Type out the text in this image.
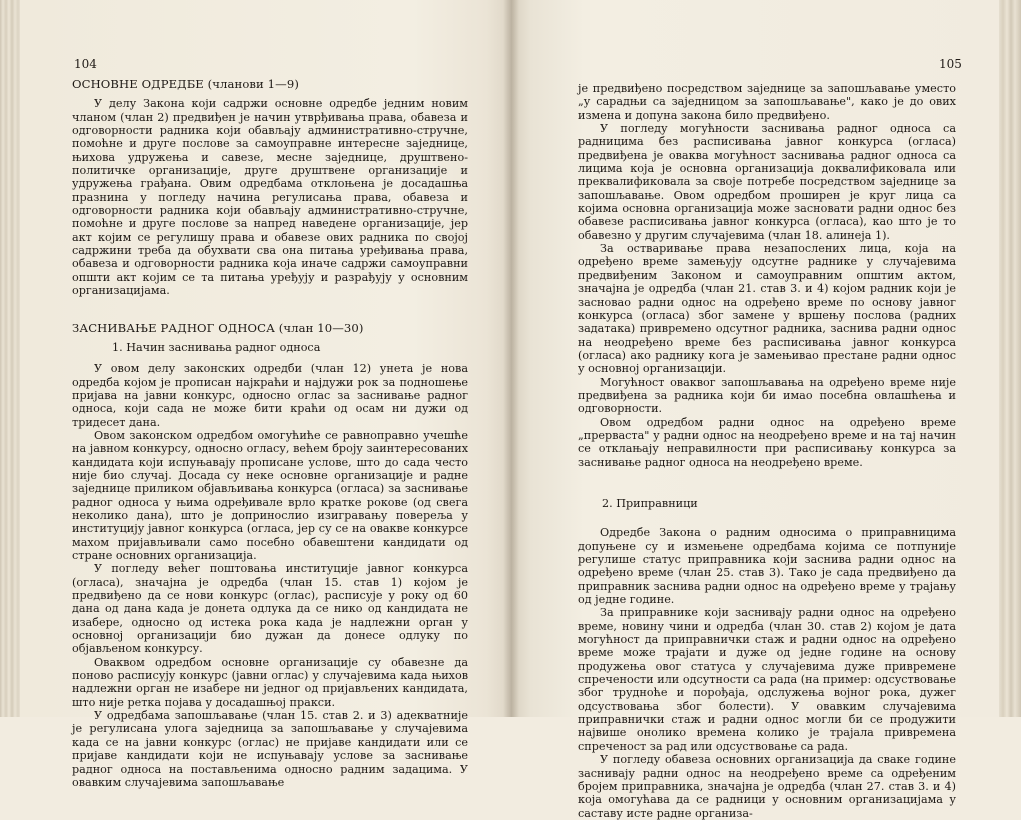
104
ОСНОВНЕ ОДРЕДБЕ (чланови 1—9)

У делу Закона који садржи основне одредбе једним новим чланом (члан 2) предвиђен је начин утврђивања права, обавеза и одговорности радника који обављају административно-стручне, помоћне и друге послове за самоуправне интересне заједнице, њихова удружења и савезе, месне заједнице, друштвено-политичке организације, друге друштвене организације и удружења грађана. Овим одредбама отклоњена је досадашња празнина у погледу начина регулисања права, обавеза и одговорности радника који обављају административно-стручне, помоћне и друге послове за напред наведене организације, јер акт којим се регулишу права и обавезе ових радника по својој садржини треба да обухвати сва она питања уређивања права, обавеза и одговорности радника која иначе садржи самоуправни општи акт којим се та питања уређују и разрађују у основним организацијама.

ЗАСНИВАЊЕ РАДНОГ ОДНОСА (члан 10—30)
1. Начин заснивања радног односа

У овом делу законских одредби (члан 12) унета је нова одредба којом је прописан најкраћи и најдужи рок за подношење пријава на јавни конкурс, односно оглас за заснивање радног односа, који сада не може бити краћи од осам ни дужи од тридесет дана.

Овом законском одредбом омогућиће се равноправно учешће на јавном конкурсу, односно огласу, већем броју заинтересованих кандидата који испуњавају прописане услове, што до сада често није био случај. Досада су неке основне организације и радне заједнице приликом објављивања конкурса (огласа) за заснивање радног односа у њима одређивале врло кратке рокове (од свега неколико дана), што је допринослио изигравању повереља у институцију јавног конкурса (огласа, јер су се на овакве конкурсе махом пријављивали само посебно обавештени кандидати од стране основних организација.

У погледу већег поштовања институције јавног конкурса (огласа), значајна је одредба (члан 15. став 1) којом је предвиђено да се нови конкурс (оглас), расписује у року од 60 дана од дана када је донета одлука да се нико од кандидата не изабере, односно од истека рока када је надлежни орган у основној организацији био дужан да донесе одлуку по објављеном конкурсу.

Оваквом одредбом основне организације су обавезне да поново расписују конкурс (јавни оглас) у случајевима када њихов надлежни орган не изабере ни једног од пријављених кандидата, што није ретка појава у досадашњој пракси.

У одредбама запошљавање (члан 15. став 2. и 3) адекватније је регулисана улога заједница за запошљавање у случајевима када се на јавни конкурс (оглас) не пријаве кандидати или се пријаве кандидати који не испуњавају услове за заснивање радног односа на постављенима односно радним задацима. У овавким случајевима запошљавање

105

је предвиђено посредством заједнице за запошљавање уместо „у сарадњи са заједницом за запошљавање", како је до ових измена и допуна закона било предвиђено.

У погледу могућности заснивања радног односа са радницима без расписивања јавног конкурса (огласа) предвиђена је оваква могућност заснивања радног односа са лицима која је основна организација доквалификовала или преквалификовала за своје потребе посредством заједнице за запошљавање. Овом одредбом проширен је круг лица са којима основна организација може засновати радни однос без обавезе расписивања јавног конкурса (огласа), као што је то обавезно у другим случајевима (члан 18. алинеја 1).

За остваривање права незапослених лица, која на одређено време замењују одсутне раднике у случајевима предвиђеним Законом и самоуправним општим актом, значајна је одредба (члан 21. став 3. и 4) којом радник који је засновао радни однос на одређено време по основу јавног конкурса (огласа) због замене у вршењу послова (радних задатака) привремено одсутног радника, заснива радни однос на неодређено време без расписивања јавног конкурса (огласа) ако раднику кога је замењивао престане радни однос у основној организацији.

Могућност оваквог запошљавања на одређено време није предвиђена за радника који би имао посебна овлашћења и одговорности.

Овом одредбом радни однос на одређено време „прерваста" у радни однос на неодређено време и на тај начин се отклањају неправилности при расписивању конкурса за заснивање радног односа на неодређено време.

2. Приправници

Одредбе Закона о радним односима о приправницима допуњене су и измењене одредбама којима се потпуније регулише статус приправника који заснива радни однос на одређено време (члан 25. став 3). Тако је сада предвиђено да приправник заснива радни однос на одређено време у трајању од једне године.

За приправнике који заснивају радни однос на одређено време, новину чини и одредба (члан 30. став 2) којом је дата могућност да приправнички стаж и радни однос на одређено време може трајати и дуже од једне године на основу продужења овог статуса у случајевима дуже привремене спречености или одсутности са рада (на пример: одсуствовање због трудноће и порођаја, одслужења војног рока, дужег одсуствовања због болести). У овавким случајевима приправнички стаж и радни однос могли би се продужити највише онолико времена колико је трајала привремена спреченост за рад или одсуствовање са рада.

У погледу обавеза основних организација да сваке године заснивају радни однос на неодређено време са одређеним бројем приправника, значајна је одредба (члан 27. став 3. и 4) која омогућава да се радници у основним организацијама у саставу исте радне организа-
